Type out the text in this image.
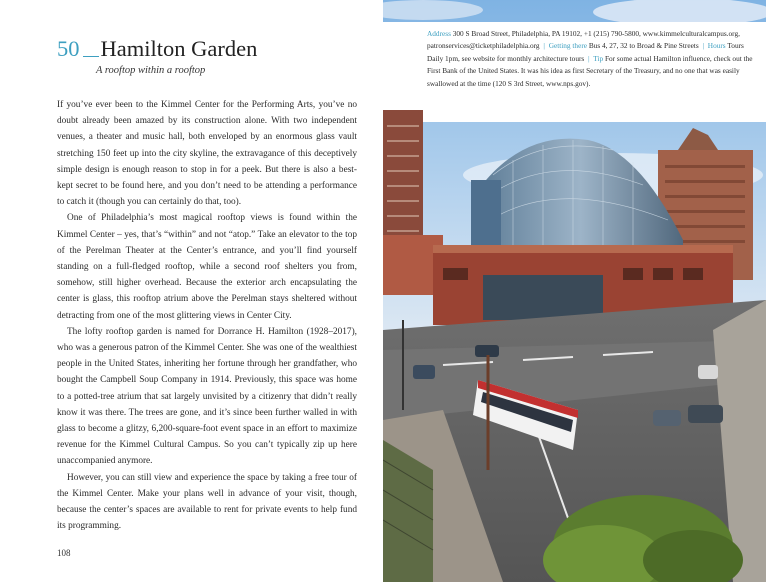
50 Hamilton Garden
A rooftop within a rooftop

If you’ve ever been to the Kimmel Center for the Performing Arts, you’ve no doubt already been amazed by its construction alone. With two independent venues, a theater and music hall, both enveloped by an enormous glass vault stretching 150 feet up into the city skyline, the extravagance of this deceptively simple design is enough reason to stop in for a peek. But there is also a best-kept secret to be found here, and you don’t need to be attending a performance to catch it (though you can certainly do that, too).

One of Philadelphia’s most magical rooftop views is found within the Kimmel Center – yes, that’s “within” and not “atop.” Take an elevator to the top of the Perelman Theater at the Center’s entrance, and you’ll find yourself standing on a full-fledged rooftop, while a second roof shelters you from, somehow, still higher overhead. Because the exterior arch encapsulating the center is glass, this rooftop atrium above the Perelman stays sheltered without detracting from one of the most glittering views in Center City.

The lofty rooftop garden is named for Dorrance H. Hamilton (1928–2017), who was a generous patron of the Kimmel Center. She was one of the wealthiest people in the United States, inheriting her fortune through her grandfather, who bought the Campbell Soup Company in 1914. Previously, this space was home to a potted-tree atrium that sat largely unvisited by a citizenry that didn’t really know it was there. The trees are gone, and it’s since been further walled in with glass to become a glitzy, 6,200-square-foot event space in an effort to maximize revenue for the Kimmel Cultural Campus. So you can’t typically zip up here unaccompanied anymore.

However, you can still view and experience the space by taking a free tour of the Kimmel Center. Make your plans well in advance of your visit, though, because the center’s spaces are available to rent for private events to help fund its programming.

108
Address 300 S Broad Street, Philadelphia, PA 19102, +1 (215) 790-5800, www.kimmelculturalcampus.org, patronservices@ticketphiladelphia.org | Getting there Bus 4, 27, 32 to Broad & Pine Streets | Hours Tours Daily 1pm, see website for monthly architecture tours | Tip For some actual Hamilton influence, check out the First Bank of the United States. It was his idea as first Secretary of the Treasury, and no one that was easily swallowed at the time (120 S 3rd Street, www.nps.gov).
